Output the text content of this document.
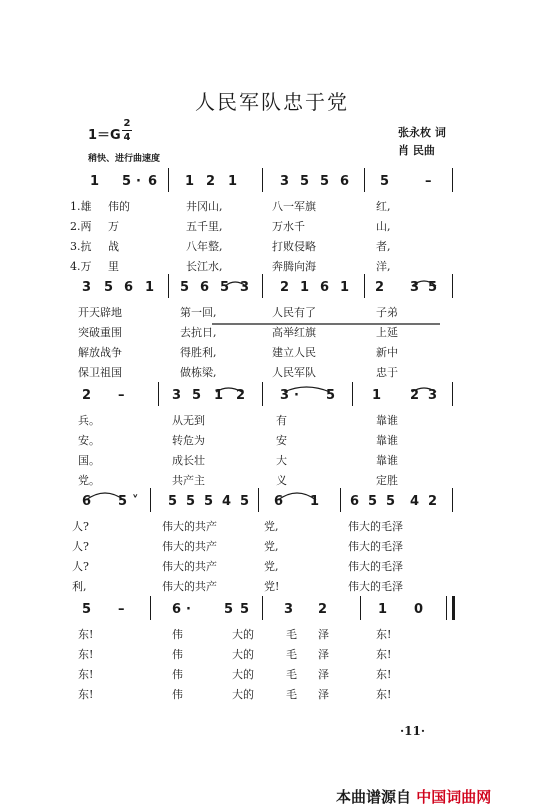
人民军队忠于党
1＝G
2
4
稍快、进行曲速度
张永枚 词
肖 民曲
1 5 · 6 1 2 1	3 5 5 6 5	–
1.雄 伟的	井冈山,	八一军旗	红,
2.两 万	五千里,	万水千	山,
3.抗 战	八年整,	打败侵略	者,
4.万 里	长江水,	奔腾向海	洋,
3 5 6 1 5 6 5 3 2 1 6 1 2 3 5
开天辟地	第一回,	人民有了	子弟
突破重围	去抗日,	高举红旗	上延
解放战争	得胜利,	建立人民	新中
保卫祖国	做栋梁,	人民军队	忠于
2 –	3 5 1 2	3 · 5	1 2 3
兵。	从无到	有	靠谁
安。	转危为	安	靠谁
国。	成长壮	大	靠谁
党。	共产主	义	定胜
6 5 ˅ 5 5 5 4 5 6 1 6 5 5 4 2
人?	伟大的共产	党,	伟大的毛泽
人?	伟大的共产	党,	伟大的毛泽
人?	伟大的共产	党,	伟大的毛泽
利,	伟大的共产	党!	伟大的毛泽
5 –	6 ·	5 5	3 2	1 0
东!	伟	大的	毛 泽	东!
东!	伟	大的	毛 泽	东!
东!	伟	大的	毛 泽	东!
东!	伟	大的	毛 泽	东!
·11·
本曲谱源自 中国词曲网
